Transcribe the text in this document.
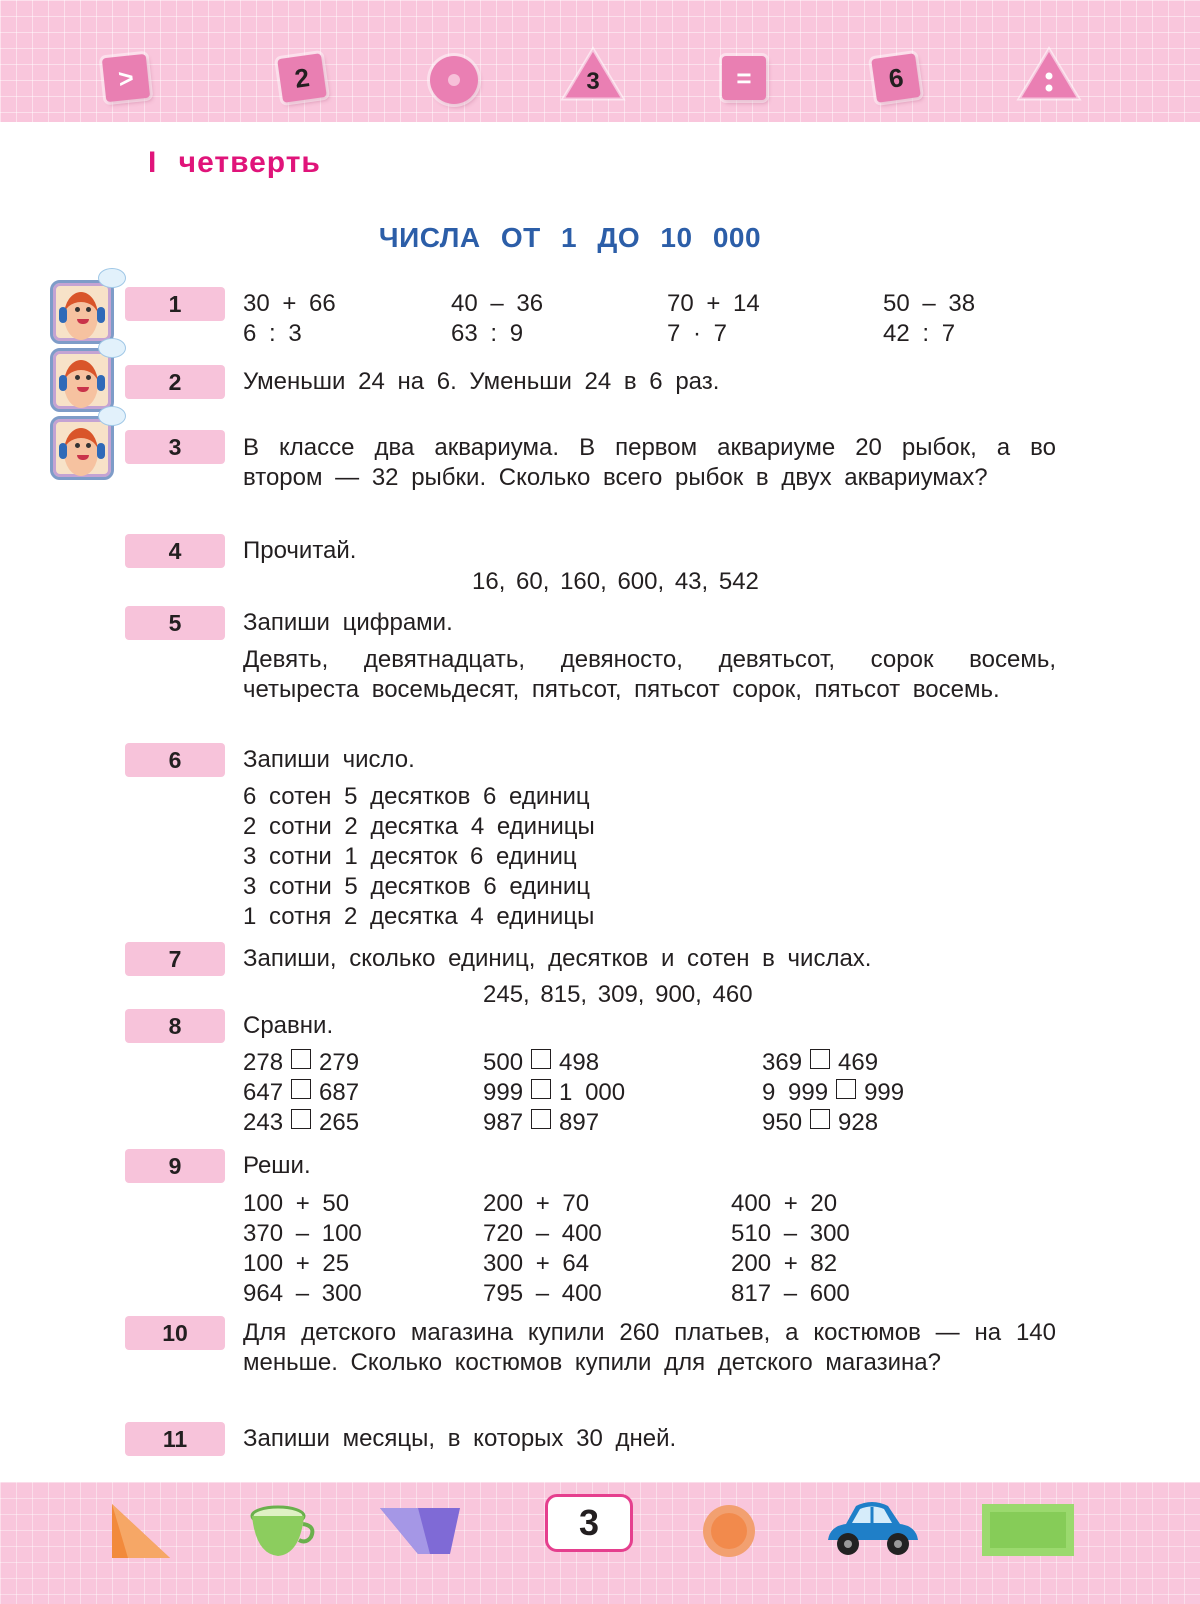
>	2	3	=	6
I четверть
ЧИСЛА ОТ 1 ДО 10 000
1	30 + 66	40 – 36	70 + 14	50 – 38
6 : 3	63 : 9	7 · 7	42 : 7
2	Уменьши 24 на 6. Уменьши 24 в 6 раз.
3	В классе два аквариума. В первом аквариуме 20 рыбок, а во втором — 32 рыбки. Сколько всего рыбок в двух аквариумах?
4	Прочитай.
16, 60, 160, 600, 43, 542
5	Запиши цифрами.
Девять, девятнадцать, девяносто, девятьсот, сорок восемь, четыреста восемьдесят, пятьсот, пятьсот сорок, пятьсот восемь.
6	Запиши число.
6 сотен 5 десятков 6 единиц
2 сотни 2 десятка 4 единицы
3 сотни 1 десяток 6 единиц
3 сотни 5 десятков 6 единиц
1 сотня 2 десятка 4 единицы
7	Запиши, сколько единиц, десятков и сотен в числах.
245, 815, 309, 900, 460
8	Сравни.
278 279	500 498	369 469
647 687	999 1 000	9 999 999
243 265	987 897	950 928
9	Реши.
100 + 50	200 + 70	400 + 20
370 – 100	720 – 400	510 – 300
100 + 25	300 + 64	200 + 82
964 – 300	795 – 400	817 – 600
10	Для детского магазина купили 260 платьев, а костюмов — на 140 меньше. Сколько костюмов купили для детского магазина?
11	Запиши месяцы, в которых 30 дней.
3
